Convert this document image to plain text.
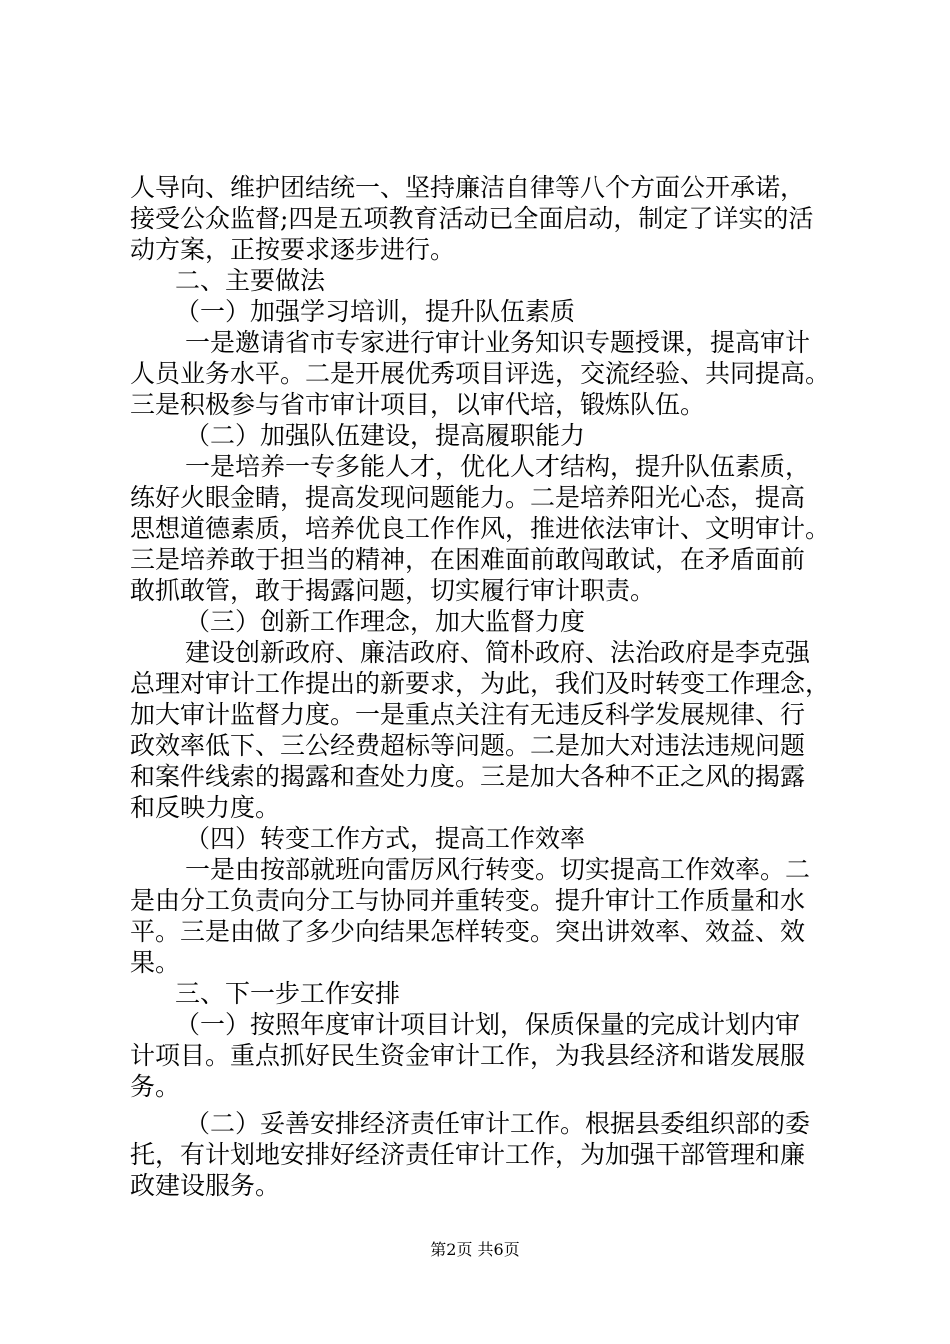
人导向、维护团结统一、坚持廉洁自律等八个方面公开承诺，

接受公众监督;四是五项教育活动已全面启动，制定了详实的活

动方案，正按要求逐步进行。

二、主要做法

（一）加强学习培训，提升队伍素质

一是邀请省市专家进行审计业务知识专题授课，提高审计

人员业务水平。二是开展优秀项目评选，交流经验、共同提高。

三是积极参与省市审计项目，以审代培，锻炼队伍。

（二）加强队伍建设，提高履职能力

一是培养一专多能人才，优化人才结构，提升队伍素质，

练好火眼金睛，提高发现问题能力。二是培养阳光心态，提高

思想道德素质，培养优良工作作风，推进依法审计、文明审计。

三是培养敢于担当的精神，在困难面前敢闯敢试，在矛盾面前

敢抓敢管，敢于揭露问题，切实履行审计职责。

（三）创新工作理念，加大监督力度

建设创新政府、廉洁政府、简朴政府、法治政府是李克强

总理对审计工作提出的新要求，为此，我们及时转变工作理念，

加大审计监督力度。一是重点关注有无违反科学发展规律、行

政效率低下、三公经费超标等问题。二是加大对违法违规问题

和案件线索的揭露和查处力度。三是加大各种不正之风的揭露

和反映力度。

（四）转变工作方式，提高工作效率

一是由按部就班向雷厉风行转变。切实提高工作效率。二

是由分工负责向分工与协同并重转变。提升审计工作质量和水

平。三是由做了多少向结果怎样转变。突出讲效率、效益、效

果。

三、下一步工作安排

（一）按照年度审计项目计划，保质保量的完成计划内审

计项目。重点抓好民生资金审计工作，为我县经济和谐发展服

务。

（二）妥善安排经济责任审计工作。根据县委组织部的委

托，有计划地安排好经济责任审计工作，为加强干部管理和廉

政建设服务。

第2页 共6页
